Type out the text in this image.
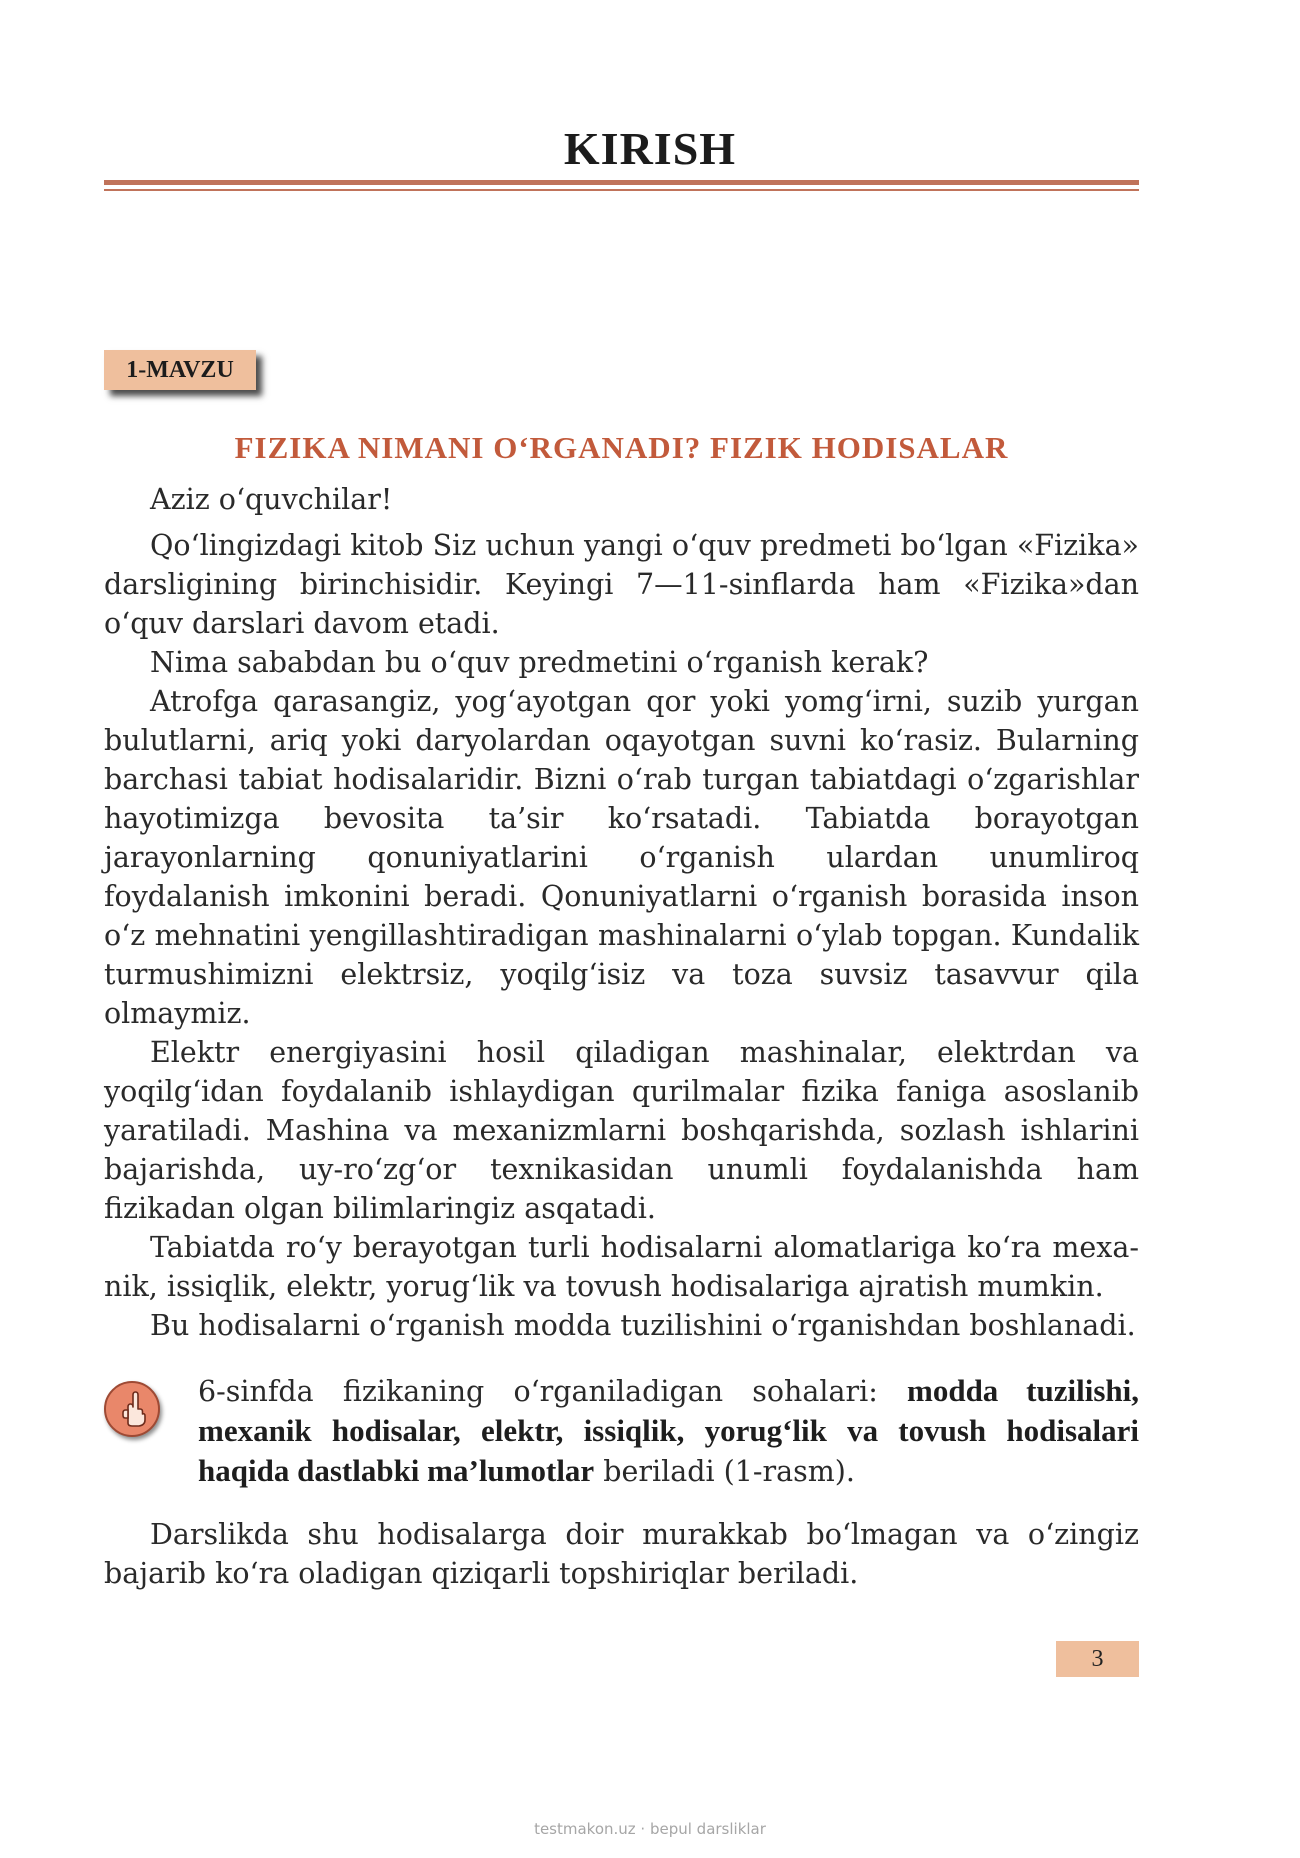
KIRISH
1-MAVZU
FIZIKA NIMANI O‘RGANADI? FIZIK HODISALAR

Aziz o‘quvchilar!

Qo‘lingizdagi kitob Siz uchun yangi o‘quv predmeti bo‘lgan «Fizika» darsligining birinchisidir. Keyingi 7—11-sinflarda ham «Fizika»dan o‘quv darslari davom etadi.

Nima sababdan bu o‘quv predmetini o‘rganish kerak?

Atrofga qarasangiz, yog‘ayotgan qor yoki yomg‘irni, suzib yurgan bulutlarni, ariq yoki daryolardan oqayotgan suvni ko‘rasiz. Bularning barchasi tabiat hodisalaridir. Bizni o‘rab turgan tabiatdagi o‘zgarishlar hayotimizga bevosita ta’sir ko‘rsatadi. Tabiatda borayotgan jarayonlarning qonuniyatlarini o‘rganish ulardan unumliroq foydalanish imkonini beradi. Qonuniyatlarni o‘rganish borasida inson o‘z mehnatini yengillashtiradigan mashinalarni o‘ylab topgan. Kundalik turmushimizni elektrsiz, yoqilg‘isiz va toza suvsiz tasavvur qila olmaymiz.

Elektr energiyasini hosil qiladigan mashinalar, elektrdan va yoqilg‘idan foydalanib ishlaydigan qurilmalar fizika faniga asoslanib yaratiladi. Mashina va mexanizmlarni boshqarishda, sozlash ishlarini bajarishda, uy-ro‘zg‘or texnikasidan unumli foydalanishda ham fizikadan olgan bilimlaringiz asqatadi.

Tabiatda ro‘y berayotgan turli hodisalarni alomatlariga ko‘ra mexanik, issiqlik, elektr, yorug‘lik va tovush hodisalariga ajratish mumkin.

Bu hodisalarni o‘rganish modda tuzilishini o‘rganishdan boshlanadi.

6-sinfda fizikaning o‘rganiladigan sohalari: modda tuzilishi, mexanik hodisalar, elektr, issiqlik, yorug‘lik va tovush hodisalari haqida dastlabki ma’lumotlar beriladi (1-rasm).

Darslikda shu hodisalarga doir murakkab bo‘lmagan va o‘zingiz bajarib ko‘ra oladigan qiziqarli topshiriqlar beriladi.

3
testmakon.uz · bepul darsliklar
